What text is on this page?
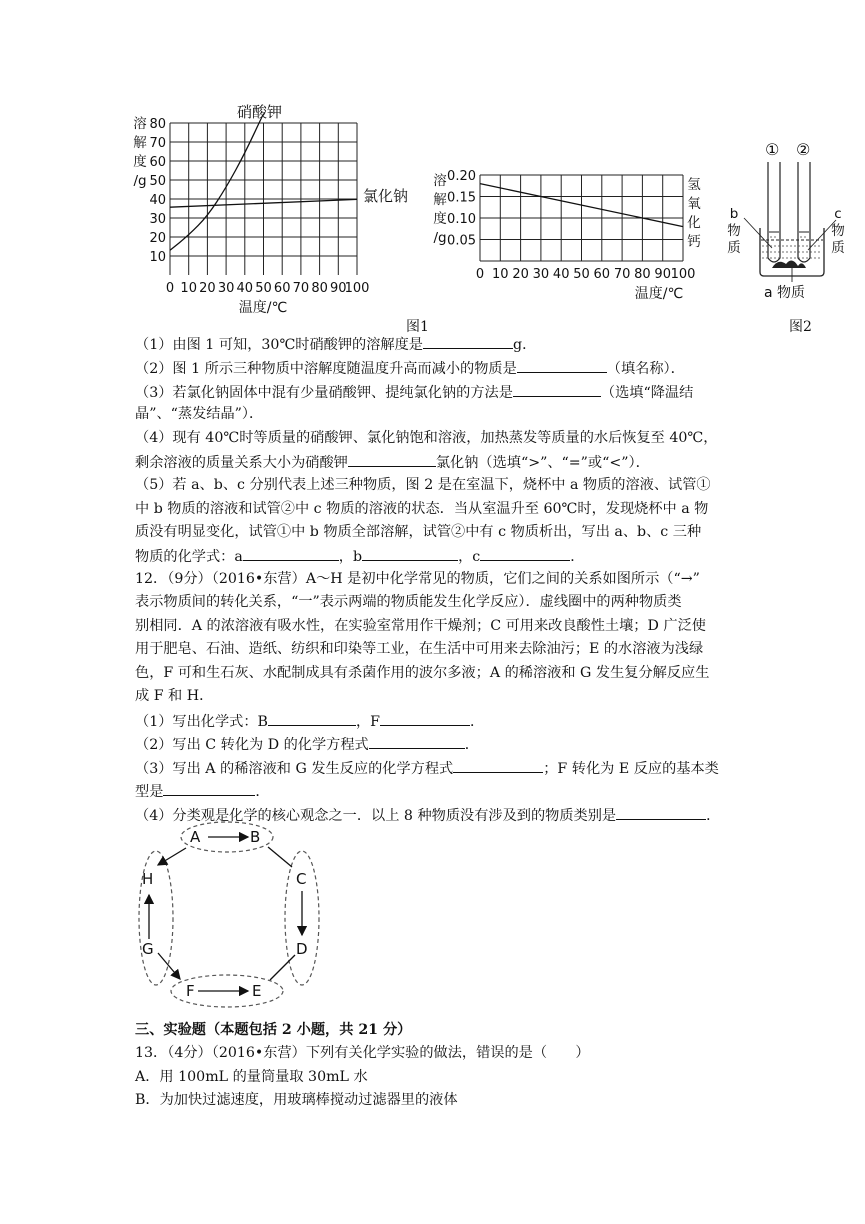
0 10 20 30 40 50 60 70 80 90
100
80
70
60
50
40
30
20
10
温度/℃
硝酸钾
氯化钠
溶
解
度
/g
0 10 20 30 40 50 60 70 80 90 100
0.20
0.15
0.10
0.05
温度/℃
溶
解
度
/g
氢
氧
化
钙
图1
① ②
b
物
质
c
物
质
a 物质
图2
（1）由图 1 可知，30℃时硝酸钾的溶解度是	g．
（2）图 1 所示三种物质中溶解度随温度升高而减小的物质是	（填名称）．
（3）若氯化钠固体中混有少量硝酸钾、提纯氯化钠的方法是	（选填“降温结
晶”、“蒸发结晶”）．
（4）现有 40℃时等质量的硝酸钾、氯化钠饱和溶液，加热蒸发等质量的水后恢复至 40℃，
剩余溶液的质量关系大小为硝酸钾	氯化钠（选填“>”、“=”或“<”）．
（5）若 a、b、c 分别代表上述三种物质，图 2 是在室温下，烧杯中 a 物质的溶液、试管①
中 b 物质的溶液和试管②中 c 物质的溶液的状态．当从室温升至 60℃时，发现烧杯中 a 物
质没有明显变化，试管①中 b 物质全部溶解，试管②中有 c 物质析出，写出 a、b、c 三种
物质的化学式：a	，b	，c	．
12．（9分）（2016•东营）A～H 是初中化学常见的物质，它们之间的关系如图所示（“→”
表示物质间的转化关系，“一”表示两端的物质能发生化学反应）．虚线圈中的两种物质类
别相同．A 的浓溶液有吸水性，在实验室常用作干燥剂；C 可用来改良酸性土壤；D 广泛使
用于肥皂、石油、造纸、纺织和印染等工业，在生活中可用来去除油污；E 的水溶液为浅绿
色，F 可和生石灰、水配制成具有杀菌作用的波尔多液；A 的稀溶液和 G 发生复分解反应生
成 F 和 H．
（1）写出化学式：B	，F	．
（2）写出 C 转化为 D 的化学方程式	．
（3）写出 A 的稀溶液和 G 发生反应的化学方程式	；F 转化为 E 反应的基本类
型是	．
（4）分类观是化学的核心观念之一．以上 8 种物质没有涉及到的物质类别是	．
A	B
H	C
G	D
F	E
三、实验题（本题包括 2 小题，共 21 分）
13．（4分）（2016•东营）下列有关化学实验的做法，错误的是（　　）
A．用 100mL 的量筒量取 30mL 水
B．为加快过滤速度，用玻璃棒搅动过滤器里的液体
